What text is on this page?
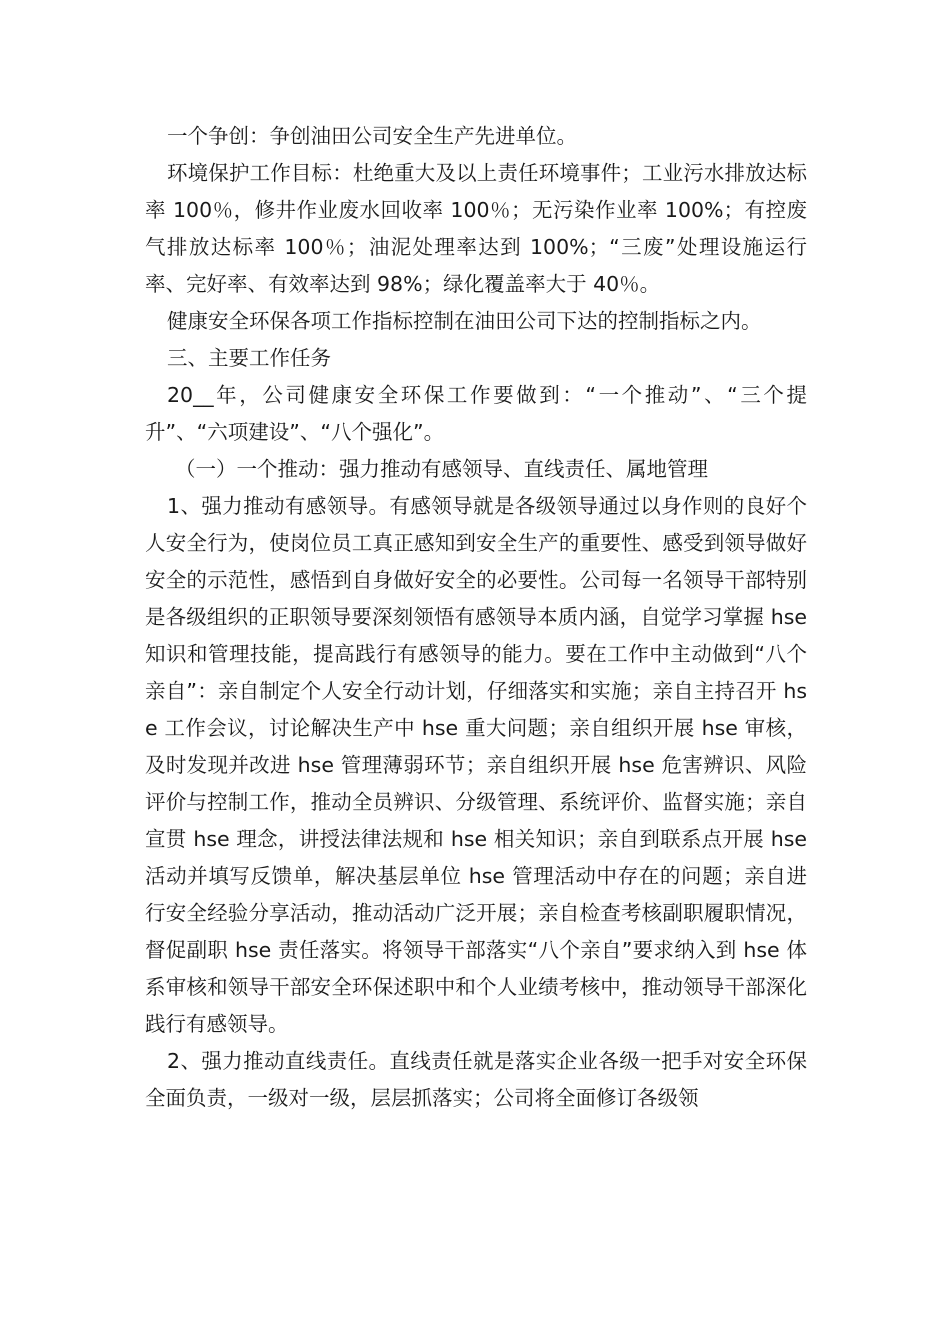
一个争创：争创油田公司安全生产先进单位。

环境保护工作目标：杜绝重大及以上责任环境事件；工业污水排放达标率 100％，修井作业废水回收率 100％；无污染作业率 100%；有控废气排放达标率 100％；油泥处理率达到 100%；“三废”处理设施运行率、完好率、有效率达到 98%；绿化覆盖率大于 40％。

健康安全环保各项工作指标控制在油田公司下达的控制指标之内。

三、主要工作任务

20__年，公司健康安全环保工作要做到：“一个推动”、“三个提升”、“六项建设”、“八个强化”。

（一）一个推动：强力推动有感领导、直线责任、属地管理

1、强力推动有感领导。有感领导就是各级领导通过以身作则的良好个人安全行为，使岗位员工真正感知到安全生产的重要性、感受到领导做好安全的示范性，感悟到自身做好安全的必要性。公司每一名领导干部特别是各级组织的正职领导要深刻领悟有感领导本质内涵，自觉学习掌握 hse 知识和管理技能，提高践行有感领导的能力。要在工作中主动做到“八个亲自”：亲自制定个人安全行动计划，仔细落实和实施；亲自主持召开 hse 工作会议，讨论解决生产中 hse 重大问题；亲自组织开展 hse 审核，及时发现并改进 hse 管理薄弱环节；亲自组织开展 hse 危害辨识、风险评价与控制工作，推动全员辨识、分级管理、系统评价、监督实施；亲自宣贯 hse 理念，讲授法律法规和 hse 相关知识；亲自到联系点开展 hse 活动并填写反馈单，解决基层单位 hse 管理活动中存在的问题；亲自进行安全经验分享活动，推动活动广泛开展；亲自检查考核副职履职情况，督促副职 hse 责任落实。将领导干部落实“八个亲自”要求纳入到 hse 体系审核和领导干部安全环保述职中和个人业绩考核中，推动领导干部深化践行有感领导。

2、强力推动直线责任。直线责任就是落实企业各级一把手对安全环保全面负责，一级对一级，层层抓落实；公司将全面修订各级领
